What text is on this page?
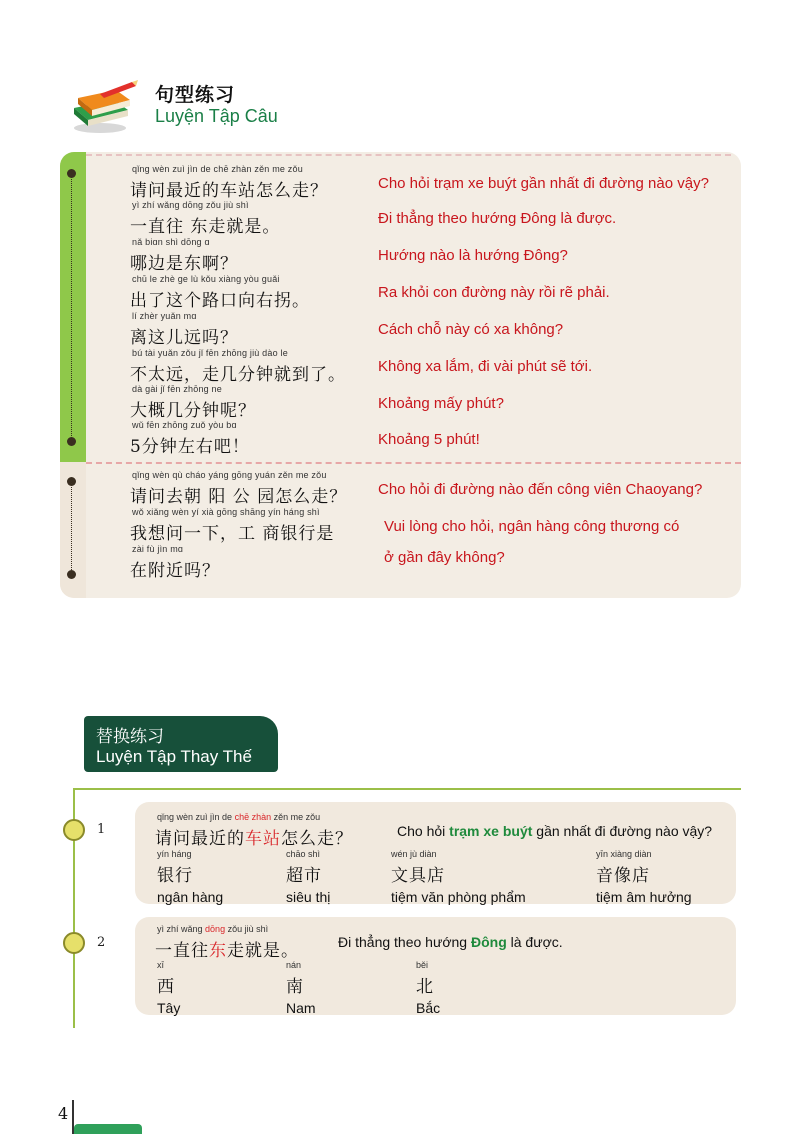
句型练习
Luyện Tập Câu
qǐng wèn zuì jìn de chē zhàn zěn me zǒu
请问最近的车站怎么走？	Cho hỏi trạm xe buýt gần nhất đi đường nào vậy?
yì zhí wǎng dōng zǒu jiù shì
一直往 东走就是。	Đi thẳng theo hướng Đông là được.
nǎ biɑn shì dōng ɑ
哪边是东啊？	Hướng nào là hướng Đông?
chū le zhè ge lù kǒu xiàng yòu guǎi
出了这个路口向右拐。	Ra khỏi con đường này rồi rẽ phải.
lí zhèr yuǎn mɑ
离这儿远吗？	Cách chỗ này có xa không?
bú tài yuǎn zǒu jǐ fēn zhōng jiù dào le
不太远，走几分钟就到了。 Không xa lắm, đi vài phút sẽ tới.
dà gài jǐ fēn zhōng ne
大概几分钟呢？	Khoảng mấy phút?
wǔ fēn zhōng zuǒ yòu bɑ
5分钟左右吧！	Khoảng 5 phút!
qǐng wèn qù cháo yáng gōng yuán zěn me zǒu
请问去朝 阳 公 园怎么走？ Cho hỏi đi đường nào đến công viên Chaoyang?
wǒ xiǎng wèn yí xià gōng shāng yín háng shì
我想问一下，工 商银行是
zài fù jìn mɑ
在附近吗？
Vui lòng cho hỏi, ngân hàng công thương có
ở gần đây không?
替换练习
Luyện Tập Thay Thế
1
qǐng wèn zuì jìn de chē zhàn zěn me zǒu
请问最近的车站怎么走？	Cho hỏi trạm xe buýt gần nhất đi đường nào vậy?
yín háng
银行
ngân hàng
chāo shì
超市
siêu thị
wén jù diàn
文具店
tiệm văn phòng phẩm
yīn xiàng diàn
音像店
tiệm âm hưởng
2
yì zhí wǎng dōng zǒu jiù shì
一直往东走就是。	Đi thẳng theo hướng Đông là được.
xī
西
Tây
nán
南
Nam
běi
北
Bắc
4
